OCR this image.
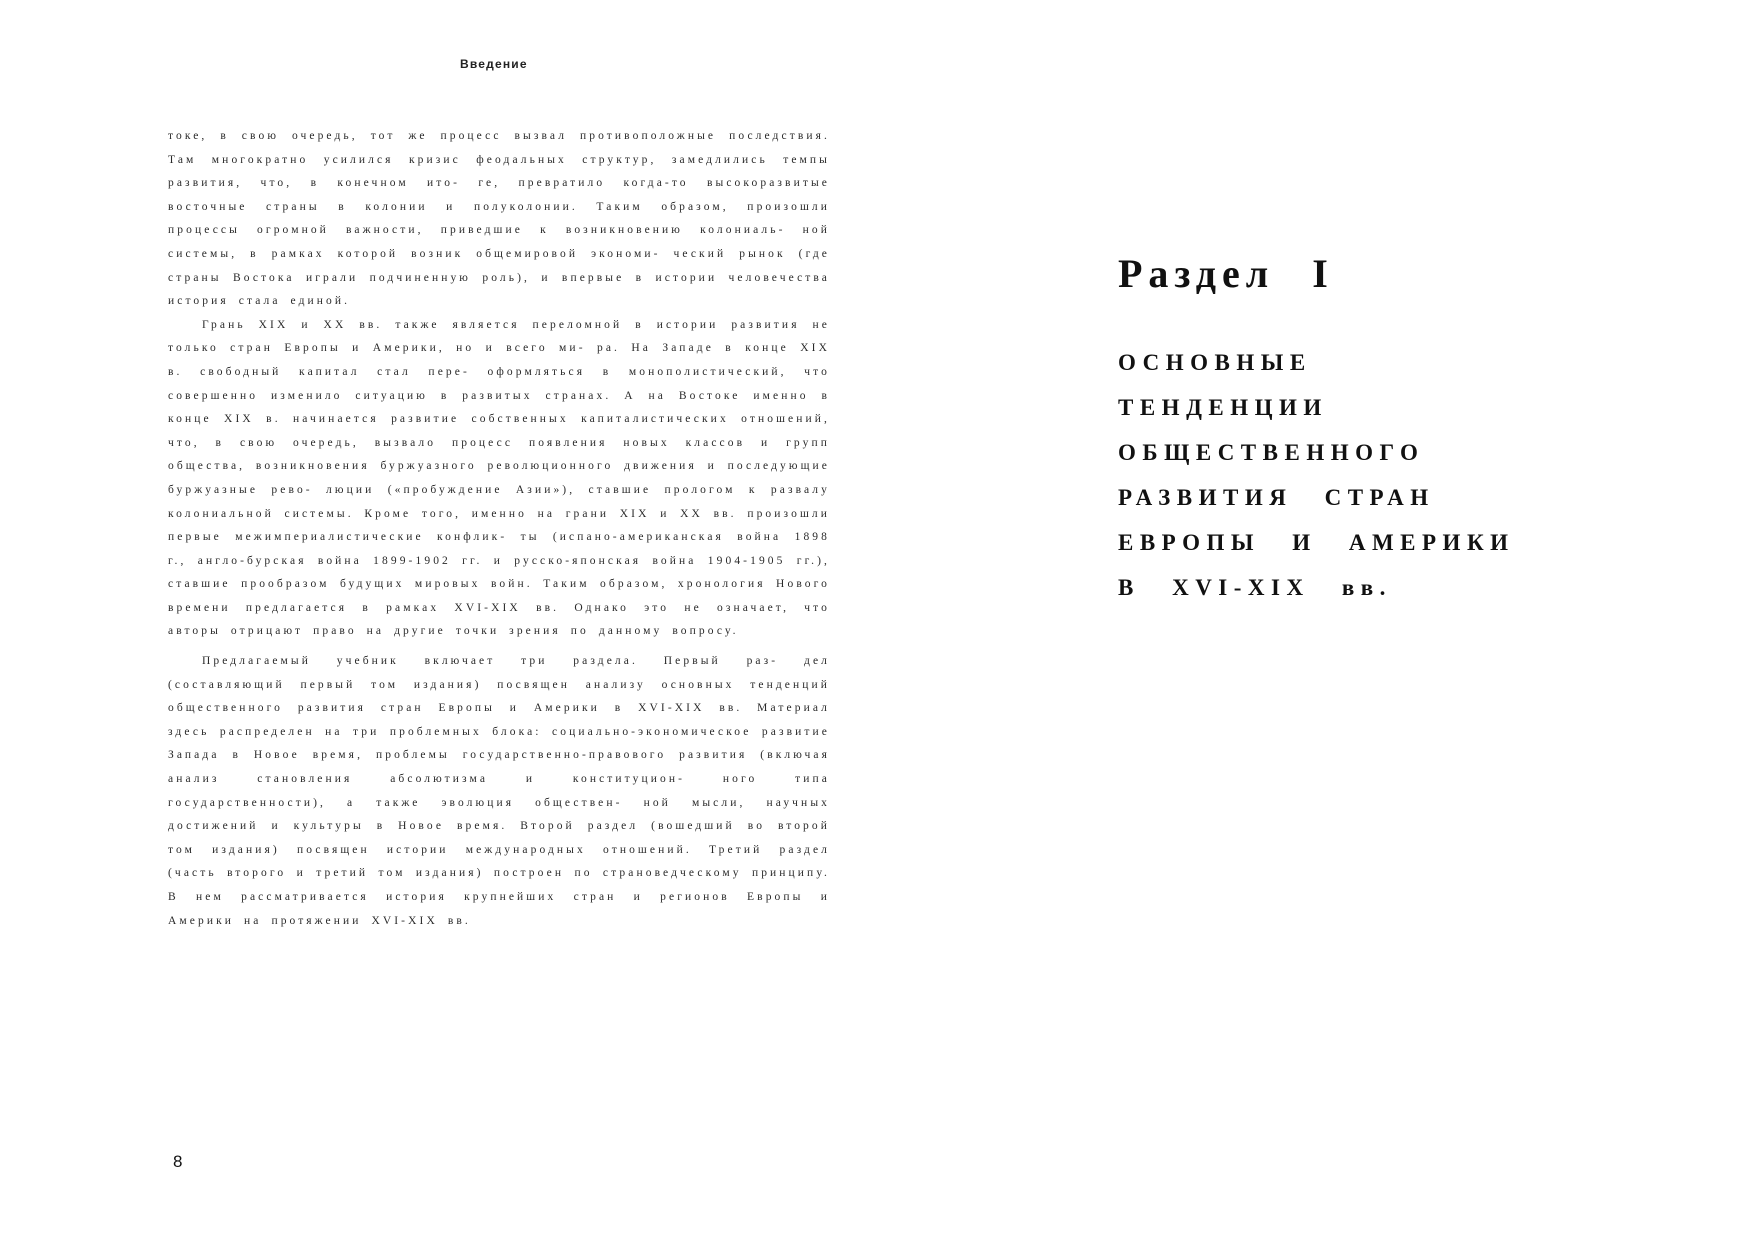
Введение

токе, в свою очередь, тот же процесс вызвал противоположные последствия. Там многократно усилился кризис феодальных структур, замедлились темпы развития, что, в конечном ито- ге, превратило когда-то высокоразвитые восточные страны в колонии и полуколонии. Таким образом, произошли процессы огромной важности, приведшие к возникновению колониаль- ной системы, в рамках которой возник общемировой экономи- ческий рынок (где страны Востока играли подчиненную роль), и впервые в истории человечества история стала единой.

Грань XIX и XX вв. также является переломной в истории развития не только стран Европы и Америки, но и всего ми- ра. На Западе в конце XIX в. свободный капитал стал пере- оформляться в монополистический, что совершенно изменило ситуацию в развитых странах. А на Востоке именно в конце XIX в. начинается развитие собственных капиталистических отношений, что, в свою очередь, вызвало процесс появления новых классов и групп общества, возникновения буржуазного революционного движения и последующие буржуазные рево- люции («пробуждение Азии»), ставшие прологом к развалу колониальной системы. Кроме того, именно на грани XIX и XX вв. произошли первые межимпериалистические конфлик- ты (испано-американская война 1898 г., англо-бурская война 1899-1902 гг. и русско-японская война 1904-1905 гг.), ставшие прообразом будущих мировых войн. Таким образом, хронология Нового времени предлагается в рамках XVI-XIX вв. Однако это не означает, что авторы отрицают право на другие точки зрения по данному вопросу.

Предлагаемый учебник включает три раздела. Первый раз- дел (составляющий первый том издания) посвящен анализу основных тенденций общественного развития стран Европы и Америки в XVI-XIX вв. Материал здесь распределен на три проблемных блока: социально-экономическое развитие Запада в Новое время, проблемы государственно-правового развития (включая анализ становления абсолютизма и конституцион- ного типа государственности), а также эволюция обществен- ной мысли, научных достижений и культуры в Новое время. Второй раздел (вошедший во второй том издания) посвящен истории международных отношений. Третий раздел (часть второго и третий том издания) построен по страноведческому принципу. В нем рассматривается история крупнейших стран и регионов Европы и Америки на протяжении XVI-XIX вв.

8
Раздел I
ОСНОВНЫЕ
ТЕНДЕНЦИИ
ОБЩЕСТВЕННОГО
РАЗВИТИЯ СТРАН
ЕВРОПЫ И АМЕРИКИ
В XVI-XIX вв.
